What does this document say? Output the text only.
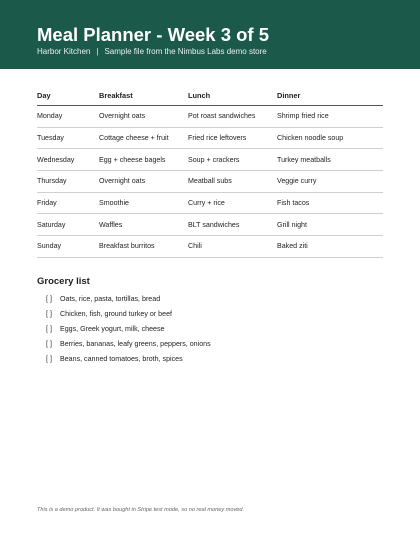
Meal Planner - Week 3 of 5
Harbor Kitchen | Sample file from the Nimbus Labs demo store
Day	Breakfast	Lunch	Dinner
Monday	Overnight oats	Pot roast sandwiches	Shrimp fried rice
Tuesday	Cottage cheese + fruit	Fried rice leftovers	Chicken noodle soup
Wednesday	Egg + cheese bagels	Soup + crackers	Turkey meatballs
Thursday	Overnight oats	Meatball subs	Veggie curry
Friday	Smoothie	Curry + rice	Fish tacos
Saturday	Waffles	BLT sandwiches	Grill night
Sunday	Breakfast burritos	Chili	Baked ziti
Grocery list
[ ]	Oats, rice, pasta, tortillas, bread
[ ]	Chicken, fish, ground turkey or beef
[ ]	Eggs, Greek yogurt, milk, cheese
[ ]	Berries, bananas, leafy greens, peppers, onions
[ ]	Beans, canned tomatoes, broth, spices
This is a demo product. It was bought in Stripe test mode, so no real money moved.
